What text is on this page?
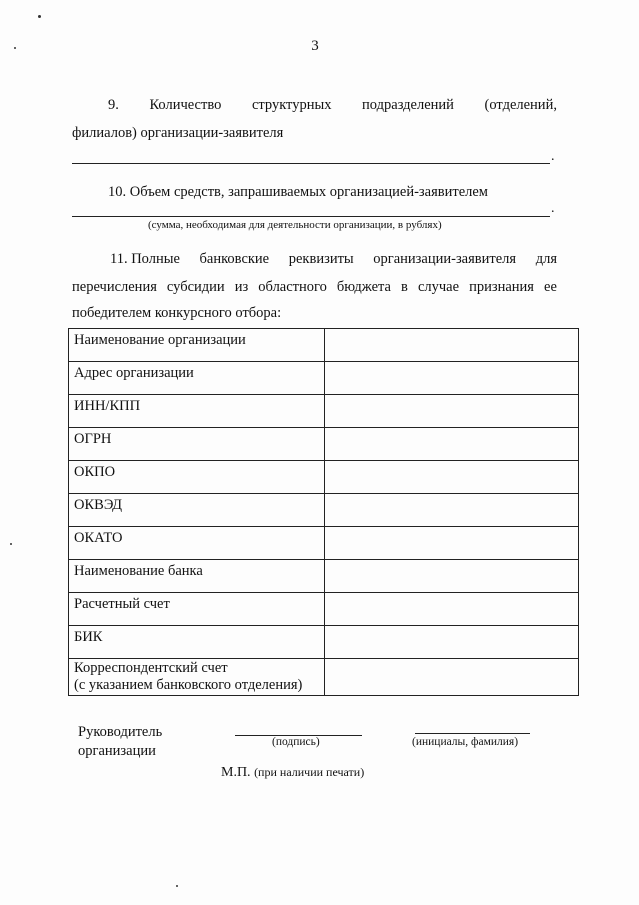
3
9. Количество структурных подразделений (отделений,
филиалов) организации-заявителя
.
10. Объем средств, запрашиваемых организацией-заявителем
.
(сумма, необходимая для деятельности организации, в рублях)
11. Полные банковские реквизиты организации-заявителя для
перечисления субсидии из областного бюджета в случае признания ее
победителем конкурсного отбора:
Наименование организации	

Адрес организации	

ИНН/КПП	

ОГРН	

ОКПО	

ОКВЭД	

ОКАТО	

Наименование банка	

Расчетный счет	

БИК	

Корреспондентский счет
(с указанием банковского отделения)	

Руководитель
организации
(подпись)	(инициалы, фамилия)
М.П. (при наличии печати)
